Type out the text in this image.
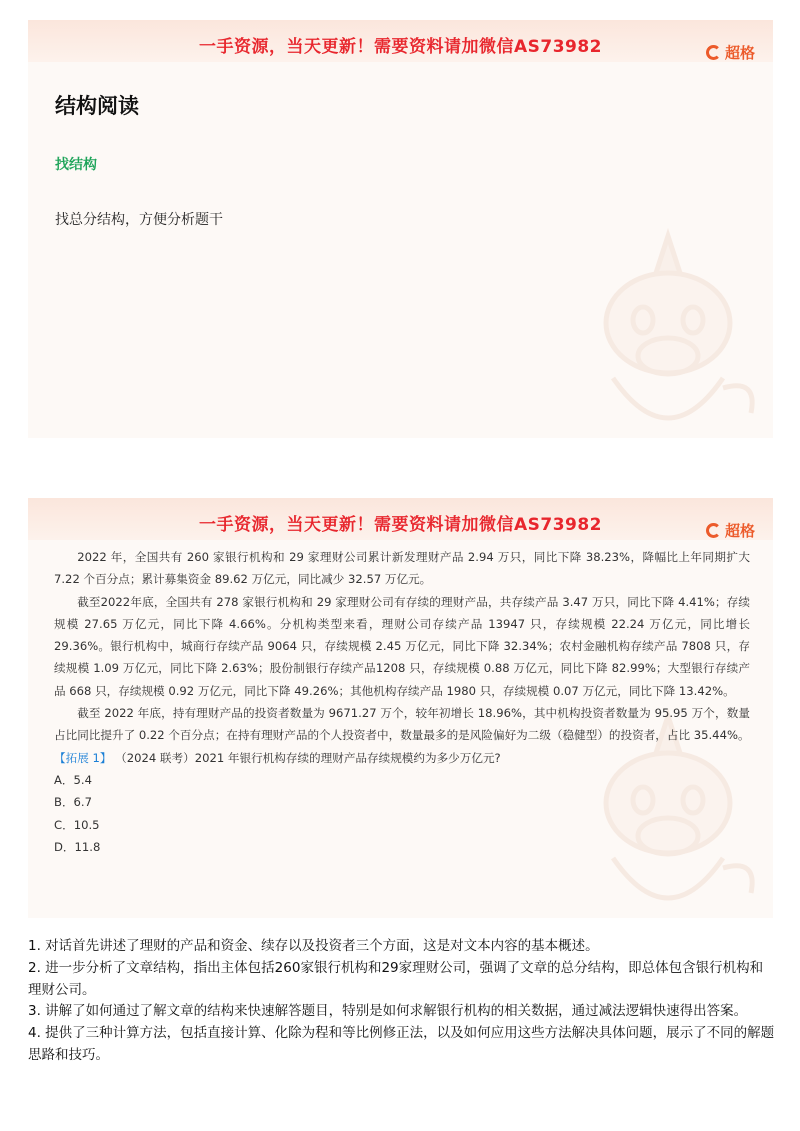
一手资源，当天更新！需要资料请加微信AS73982	超格
结构阅读
找结构
找总分结构，方便分析题干
一手资源，当天更新！需要资料请加微信AS73982	超格

2022 年，全国共有 260 家银行机构和 29 家理财公司累计新发理财产品 2.94 万只，同比下降 38.23%，降幅比上年同期扩大 7.22 个百分点；累计募集资金 89.62 万亿元，同比减少 32.57 万亿元。

截至2022年底，全国共有 278 家银行机构和 29 家理财公司有存续的理财产品，共存续产品 3.47 万只，同比下降 4.41%；存续规模 27.65 万亿元，同比下降 4.66%。分机构类型来看，理财公司存续产品 13947 只，存续规模 22.24 万亿元，同比增长 29.36%。银行机构中，城商行存续产品 9064 只，存续规模 2.45 万亿元，同比下降 32.34%；农村金融机构存续产品 7808 只，存续规模 1.09 万亿元，同比下降 2.63%；股份制银行存续产品1208 只，存续规模 0.88 万亿元，同比下降 82.99%；大型银行存续产品 668 只，存续规模 0.92 万亿元，同比下降 49.26%；其他机构存续产品 1980 只，存续规模 0.07 万亿元，同比下降 13.42%。

截至 2022 年底，持有理财产品的投资者数量为 9671.27 万个，较年初增长 18.96%，其中机构投资者数量为 95.95 万个，数量占比同比提升了 0.22 个百分点；在持有理财产品的个人投资者中，数量最多的是风险偏好为二级（稳健型）的投资者，占比 35.44%。

【拓展 1】 （2024 联考）2021 年银行机构存续的理财产品存续规模约为多少万亿元?
A．5.4
B．6.7
C．10.5
D．11.8
1. 对话首先讲述了理财的产品和资金、续存以及投资者三个方面，这是对文本内容的基本概述。
2. 进一步分析了文章结构，指出主体包括260家银行机构和29家理财公司，强调了文章的总分结构，即总体包含银行机构和理财公司。
3. 讲解了如何通过了解文章的结构来快速解答题目，特别是如何求解银行机构的相关数据，通过减法逻辑快速得出答案。
4. 提供了三种计算方法，包括直接计算、化除为程和等比例修正法，以及如何应用这些方法解决具体问题，展示了不同的解题思路和技巧。
